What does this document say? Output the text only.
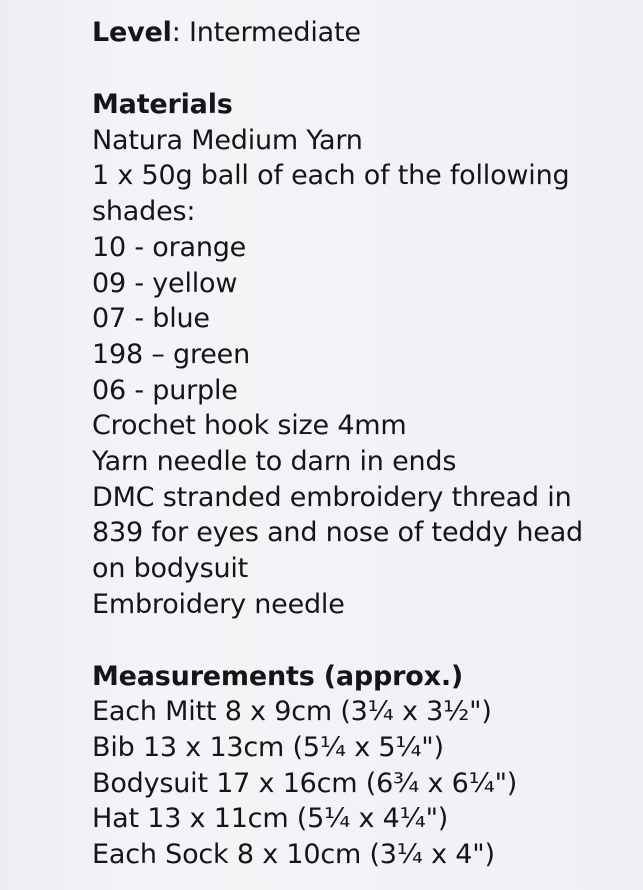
Level: Intermediate
Materials
Natura Medium Yarn
1 x 50g ball of each of the following
shades:
10 - orange
09 - yellow
07 - blue
198 – green
06 - purple
Crochet hook size 4mm
Yarn needle to darn in ends
DMC stranded embroidery thread in
839 for eyes and nose of teddy head
on bodysuit
Embroidery needle
Measurements (approx.)
Each Mitt 8 x 9cm (3¼ x 3½")
Bib 13 x 13cm (5¼ x 5¼")
Bodysuit 17 x 16cm (6¾ x 6¼")
Hat 13 x 11cm (5¼ x 4¼")
Each Sock 8 x 10cm (3¼ x 4")
